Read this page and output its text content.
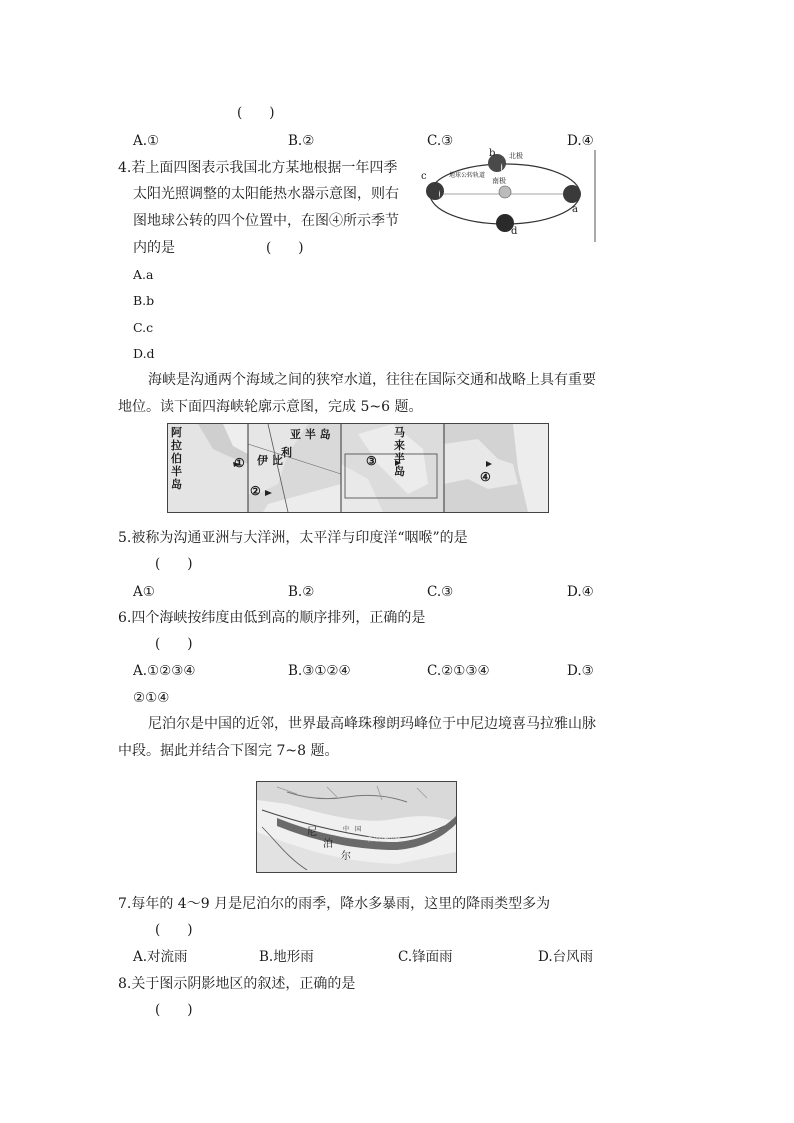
(　　)
A.①	B.②	C.③	D.④
4.若上面四图表示我国北方某地根据一年四季
太阳光照调整的太阳能热水器示意图，则右
图地球公转的四个位置中，在图④所示季节
内的是	(　　)
b 北极
地球公转轨道
南极
c
a
d
A.a
B.b
C.c
D.d
海峡是沟通两个海域之间的狭窄水道，往往在国际交通和战略上具有重要
地位。读下面四海峡轮廓示意图，完成 5~6 题。
阿拉伯半岛
①
②
亚 半 岛
利
伊 比
马来半岛
③
④
5.被称为沟通亚洲与大洋洲，太平洋与印度洋“咽喉”的是
(　　)
A①	B.②	C.③	D.④
6.四个海峡按纬度由低到高的顺序排列，正确的是
(　　)
A.①②③④	B.③①②④	C.②①③④	D.③
②①④
尼泊尔是中国的近邻，世界最高峰珠穆朗玛峰位于中尼边境喜马拉雅山脉
中段。据此并结合下图完 7~8 题。
尼
泊
尔
中　国
喜马拉雅山脉
7.每年的 4～9 月是尼泊尔的雨季，降水多暴雨，这里的降雨类型多为
(　　)
A.对流雨	B.地形雨	C.锋面雨	D.台风雨
8.关于图示阴影地区的叙述，正确的是
(　　)
